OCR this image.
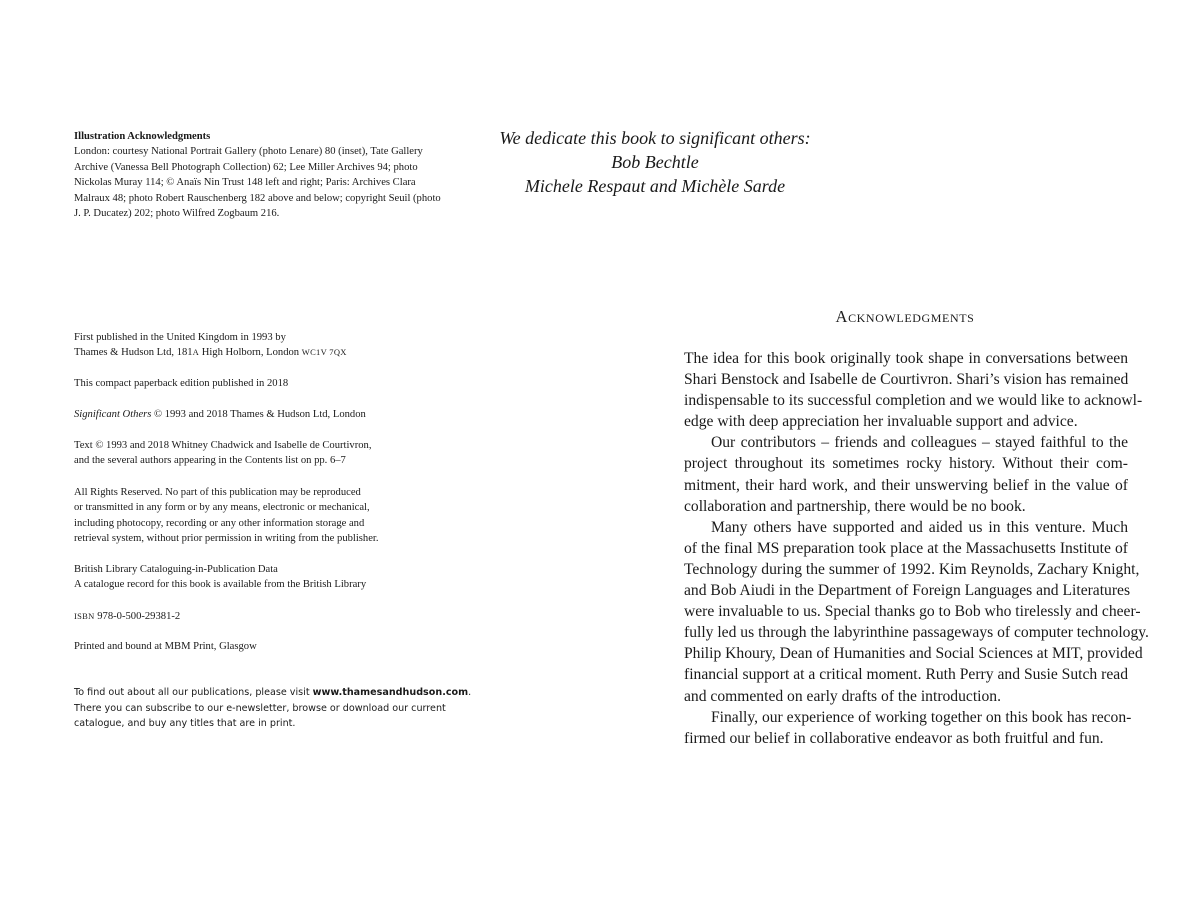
Illustration Acknowledgments
London: courtesy National Portrait Gallery (photo Lenare) 80 (inset), Tate Gallery
Archive (Vanessa Bell Photograph Collection) 62; Lee Miller Archives 94; photo
Nickolas Muray 114; © Anaïs Nin Trust 148 left and right; Paris: Archives Clara
Malraux 48; photo Robert Rauschenberg 182 above and below; copyright Seuil (photo
J. P. Ducatez) 202; photo Wilfred Zogbaum 216.
First published in the United Kingdom in 1993 by
Thames & Hudson Ltd, 181A High Holborn, London WC1V 7QX
This compact paperback edition published in 2018
Significant Others © 1993 and 2018 Thames & Hudson Ltd, London
Text © 1993 and 2018 Whitney Chadwick and Isabelle de Courtivron,
and the several authors appearing in the Contents list on pp. 6–7
All Rights Reserved. No part of this publication may be reproduced
or transmitted in any form or by any means, electronic or mechanical,
including photocopy, recording or any other information storage and
retrieval system, without prior permission in writing from the publisher.
British Library Cataloguing-in-Publication Data
A catalogue record for this book is available from the British Library
ISBN 978-0-500-29381-2
Printed and bound at MBM Print, Glasgow
To find out about all our publications, please visit www.thamesandhudson.com.
There you can subscribe to our e-newsletter, browse or download our current
catalogue, and buy any titles that are in print.
We dedicate this book to significant others:
Bob Bechtle
Michele Respaut and Michèle Sarde
Acknowledgments
The idea for this book originally took shape in conversations between
Shari Benstock and Isabelle de Courtivron. Shari’s vision has remained
indispensable to its successful completion and we would like to acknowl-
edge with deep appreciation her invaluable support and advice.
Our contributors – friends and colleagues – stayed faithful to the
project throughout its sometimes rocky history. Without their com-
mitment, their hard work, and their unswerving belief in the value of
collaboration and partnership, there would be no book.
Many others have supported and aided us in this venture. Much
of the final MS preparation took place at the Massachusetts Institute of
Technology during the summer of 1992. Kim Reynolds, Zachary Knight,
and Bob Aiudi in the Department of Foreign Languages and Literatures
were invaluable to us. Special thanks go to Bob who tirelessly and cheer-
fully led us through the labyrinthine passageways of computer technology.
Philip Khoury, Dean of Humanities and Social Sciences at MIT, provided
financial support at a critical moment. Ruth Perry and Susie Sutch read
and commented on early drafts of the introduction.
Finally, our experience of working together on this book has recon-
firmed our belief in collaborative endeavor as both fruitful and fun.
